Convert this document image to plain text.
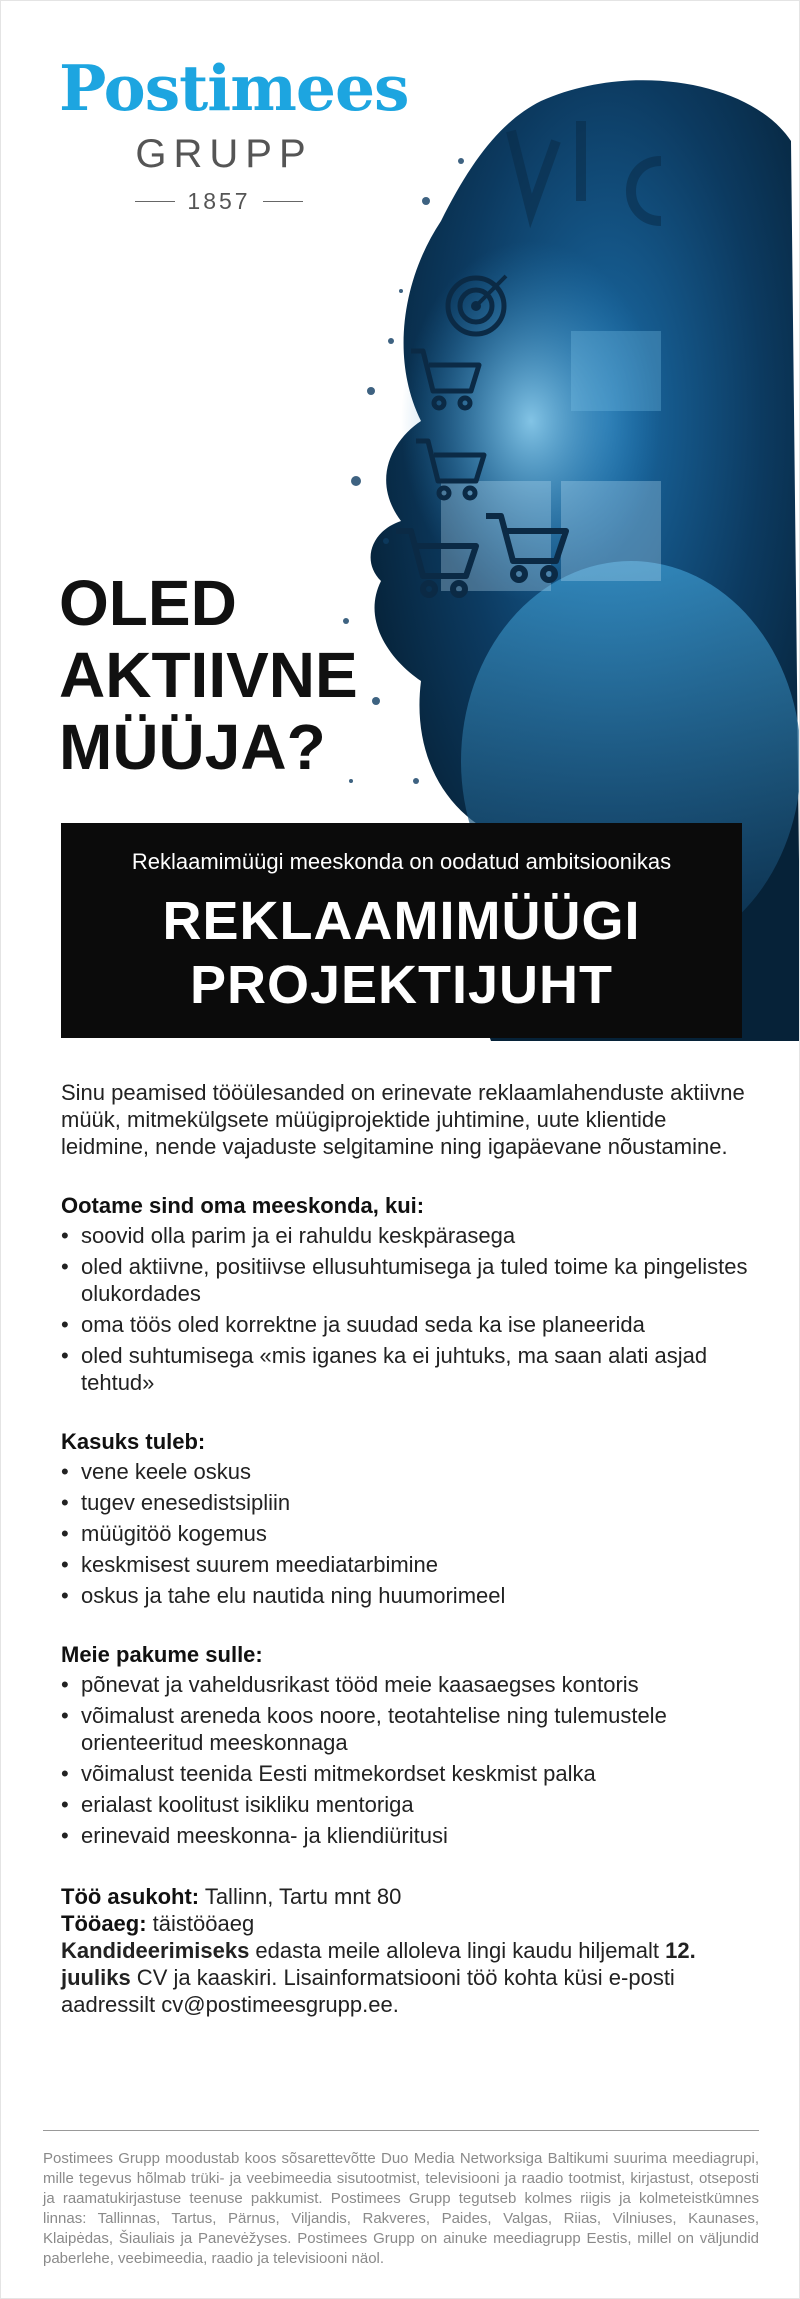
Postimees
GRUPP
1857
OLED
AKTIIVNE
MÜÜJA?
Reklaamimüügi meeskonda on oodatud ambitsioonikas
REKLAAMIMÜÜGI
PROJEKTIJUHT

Sinu peamised tööülesanded on erinevate reklaamlahenduste aktiivne müük, mitmekülgsete müügiprojektide juhtimine, uute klientide leidmine, nende vajaduste selgitamine ning igapäevane nõustamine.

Ootame sind oma meeskonda, kui:
• soovid olla parim ja ei rahuldu keskpärasega
• oled aktiivne, positiivse ellusuhtumisega ja tuled toime ka pingelistes olukordades
• oma töös oled korrektne ja suudad seda ka ise planeerida
• oled suhtumisega «mis iganes ka ei juhtuks, ma saan alati asjad tehtud»
Kasuks tuleb:
• vene keele oskus
• tugev enesedistsipliin
• müügitöö kogemus
• keskmisest suurem meediatarbimine
• oskus ja tahe elu nautida ning huumorimeel
Meie pakume sulle:
• põnevat ja vaheldusrikast tööd meie kaasaegses kontoris
• võimalust areneda koos noore, teotahtelise ning tulemustele orienteeritud meeskonnaga
• võimalust teenida Eesti mitmekordset keskmist palka
• erialast koolitust isikliku mentoriga
• erinevaid meeskonna- ja kliendiüritusi

Töö asukoht: Tallinn, Tartu mnt 80

Tööaeg: täistööaeg

Kandideerimiseks edasta meile alloleva lingi kaudu hiljemalt 12. juuliks CV ja kaaskiri. Lisainformatsiooni töö kohta küsi e-posti aadressilt cv@postimeesgrupp.ee.

Postimees Grupp moodustab koos sõsarettevõtte Duo Media Networksiga Baltikumi suurima meediagrupi, mille tegevus hõlmab trüki- ja veebimeedia sisutootmist, televisiooni ja raadio tootmist, kirjastust, otseposti ja raamatukirjastuse teenuse pakkumist. Postimees Grupp tegutseb kolmes riigis ja kolmeteistkümnes linnas: Tallinnas, Tartus, Pärnus, Viljandis, Rakveres, Paides, Valgas, Riias, Vilniuses, Kaunases, Klaipėdas, Šiauliais ja Panevėžyses. Postimees Grupp on ainuke meediagrupp Eestis, millel on väljundid paberlehe, veebimeedia, raadio ja televisiooni näol.
